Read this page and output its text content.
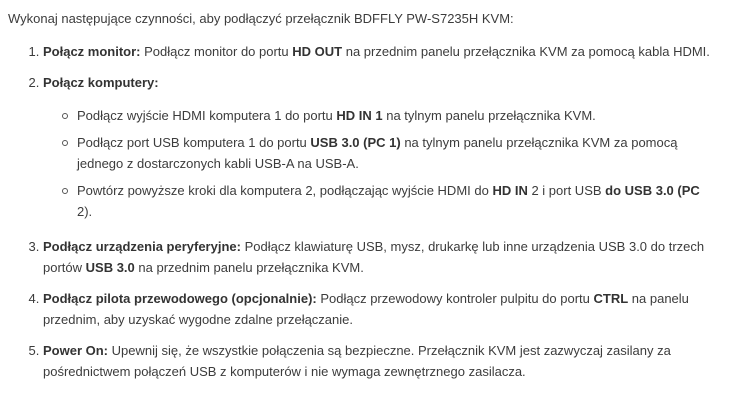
Wykonaj następujące czynności, aby podłączyć przełącznik BDFFLY PW-S7235H KVM:

1. Połącz monitor: Podłącz monitor do portu HD OUT na przednim panelu przełącznika KVM za pomocą kabla HDMI.
2. Połącz komputery:
Podłącz wyjście HDMI komputera 1 do portu HD IN 1 na tylnym panelu przełącznika KVM.
Podłącz port USB komputera 1 do portu USB 3.0 (PC 1) na tylnym panelu przełącznika KVM za pomocą jednego z dostarczonych kabli USB-A na USB-A.
Powtórz powyższe kroki dla komputera 2, podłączając wyjście HDMI do HD IN 2 i port USB do USB 3.0 (PC 2).
3. Podłącz urządzenia peryferyjne: Podłącz klawiaturę USB, mysz, drukarkę lub inne urządzenia USB 3.0 do trzech portów USB 3.0 na przednim panelu przełącznika KVM.
4. Podłącz pilota przewodowego (opcjonalnie): Podłącz przewodowy kontroler pulpitu do portu CTRL na panelu przednim, aby uzyskać wygodne zdalne przełączanie.
5. Power On: Upewnij się, że wszystkie połączenia są bezpieczne. Przełącznik KVM jest zazwyczaj zasilany za pośrednictwem połączeń USB z komputerów i nie wymaga zewnętrznego zasilacza.
